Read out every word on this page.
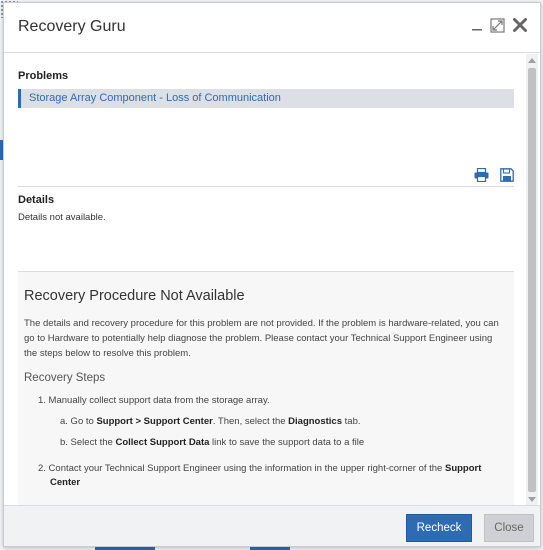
Recovery Guru
Problems
Storage Array Component - Loss of Communication
Details
Details not available.
Recovery Procedure Not Available
The details and recovery procedure for this problem are not provided. If the problem is hardware-related, you can go to Hardware to potentially help diagnose the problem. Please contact your Technical Support Engineer using the steps below to resolve this problem.
Recovery Steps
1. Manually collect support data from the storage array.
a. Go to Support > Support Center. Then, select the Diagnostics tab.
b. Select the Collect Support Data link to save the support data to a file
2. Contact your Technical Support Engineer using the information in the upper right-corner of the Support
Center
Recheck	Close
